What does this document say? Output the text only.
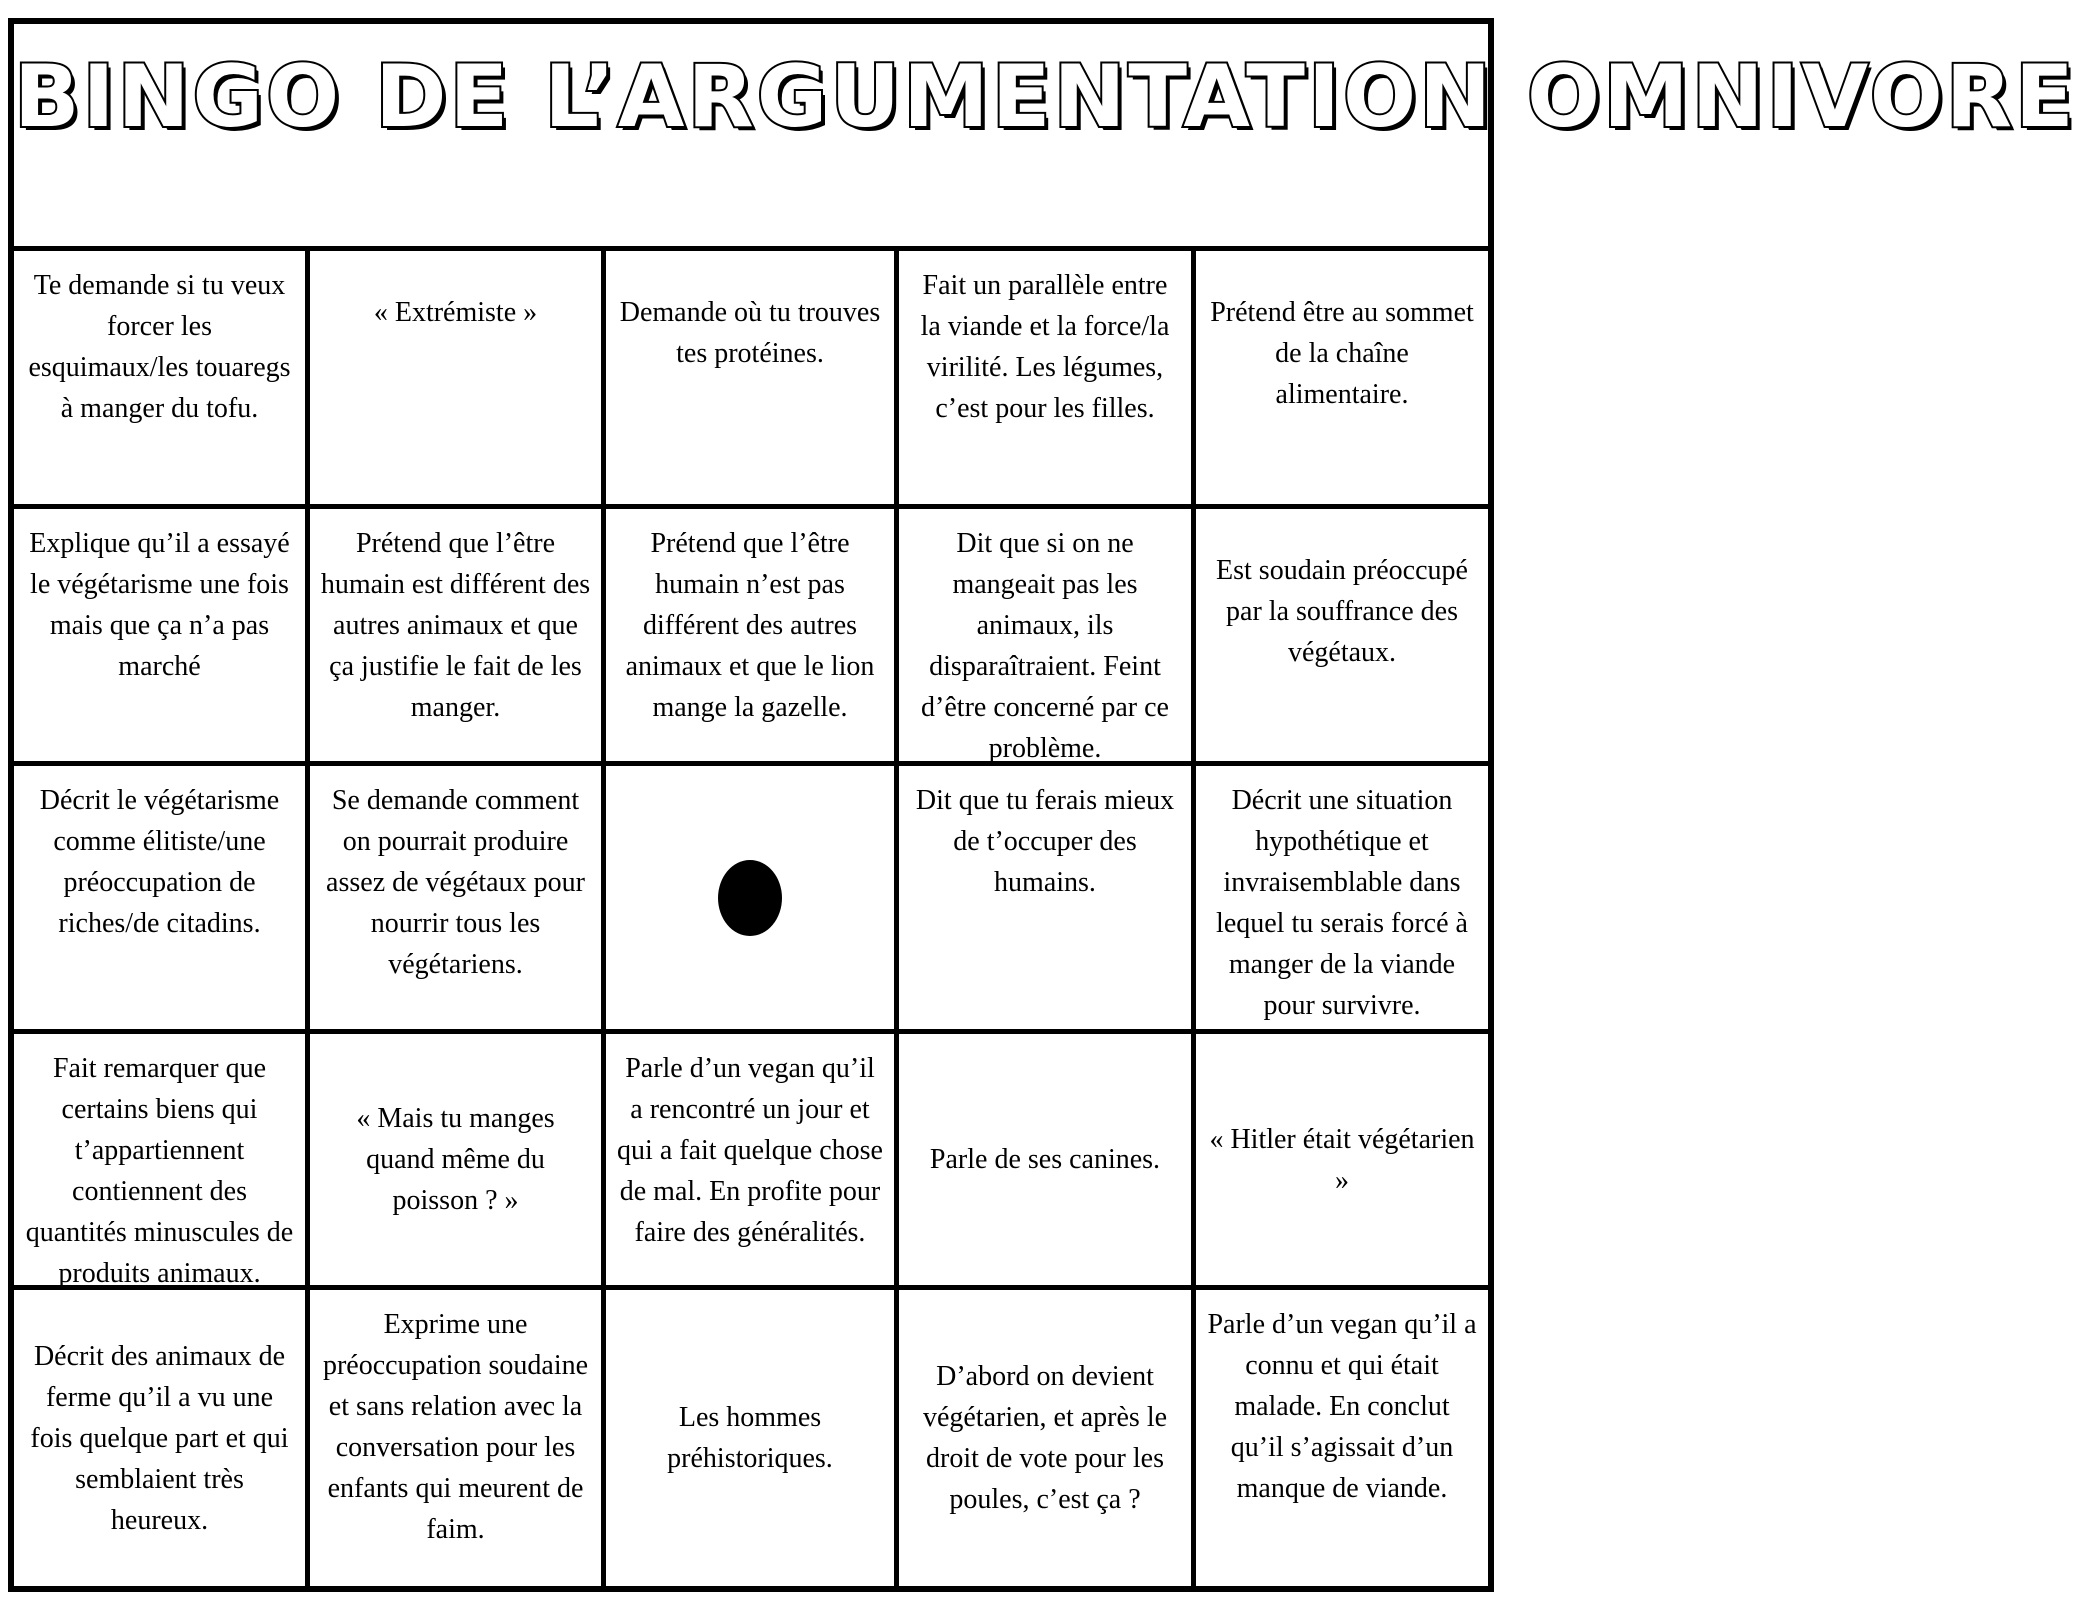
BINGO DE L’ARGUMENTATION OMNIVORE
Te demande si tu veux forcer les esquimaux/les touaregs à manger du tofu.
« Extrémiste »	Demande où tu trouves tes protéines.
Fait un parallèle entre la viande et la force/la virilité. Les légumes, c’est pour les filles.
Prétend être au sommet de la chaîne alimentaire.
Explique qu’il a essayé le végétarisme une fois mais que ça n’a pas marché
Prétend que l’être humain est différent des autres animaux et que ça justifie le fait de les manger.
Prétend que l’être humain n’est pas différent des autres animaux et que le lion mange la gazelle.
Dit que si on ne mangeait pas les animaux, ils disparaîtraient. Feint d’être concerné par ce problème.
Est soudain préoccupé par la souffrance des végétaux.
Décrit le végétarisme comme élitiste/une préoccupation de riches/de citadins.
Se demande comment on pourrait produire assez de végétaux pour nourrir tous les végétariens.
Dit que tu ferais mieux de t’occuper des humains.
Décrit une situation hypothétique et invraisemblable dans lequel tu serais forcé à manger de la viande pour survivre.
Fait remarquer que certains biens qui t’appartiennent contiennent des quantités minuscules de produits animaux.
« Mais tu manges quand même du poisson ? »
Parle d’un vegan qu’il a rencontré un jour et qui a fait quelque chose de mal. En profite pour faire des généralités.
Parle de ses canines.
« Hitler était végétarien »
Décrit des animaux de ferme qu’il a vu une fois quelque part et qui semblaient très heureux.
Exprime une préoccupation soudaine et sans relation avec la conversation pour les enfants qui meurent de faim.
Les hommes préhistoriques.
D’abord on devient végétarien, et après le droit de vote pour les poules, c’est ça ?
Parle d’un vegan qu’il a connu et qui était malade. En conclut qu’il s’agissait d’un manque de viande.
